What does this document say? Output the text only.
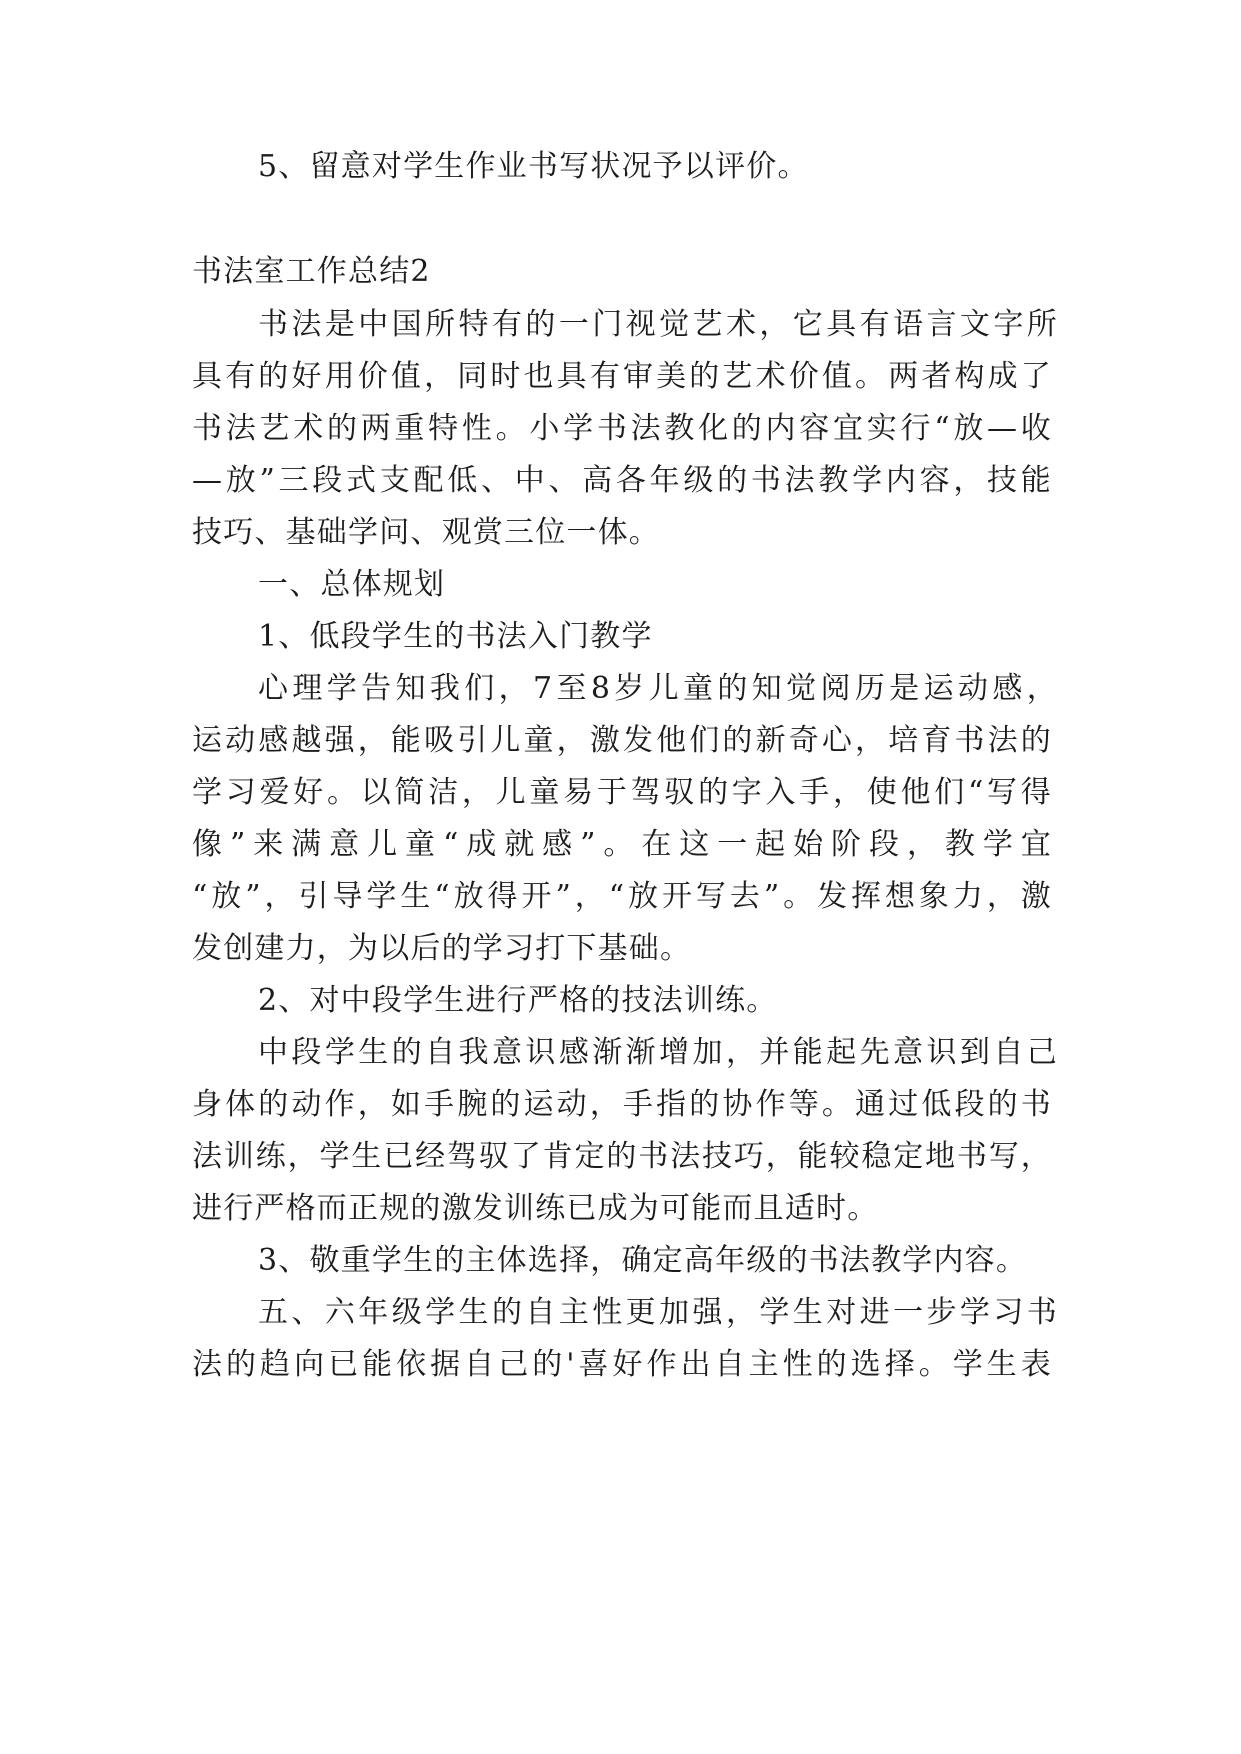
5、留意对学生作业书写状况予以评价。
书法室工作总结2
书法是中国所特有的一门视觉艺术，它具有语言文字所
具有的好用价值，同时也具有审美的艺术价值。两者构成了
书法艺术的两重特性。小学书法教化的内容宜实行“放—收
—放”三段式支配低、中、高各年级的书法教学内容，技能
技巧、基础学问、观赏三位一体。
一、总体规划
1、低段学生的书法入门教学
心理学告知我们，7至8岁儿童的知觉阅历是运动感，
运动感越强，能吸引儿童，激发他们的新奇心，培育书法的
学习爱好。以简洁，儿童易于驾驭的字入手，使他们“写得
像”来满意儿童“成就感”。在这一起始阶段，教学宜
“放”，引导学生“放得开”，“放开写去”。发挥想象力，激
发创建力，为以后的学习打下基础。
2、对中段学生进行严格的技法训练。
中段学生的自我意识感渐渐增加，并能起先意识到自己
身体的动作，如手腕的运动，手指的协作等。通过低段的书
法训练，学生已经驾驭了肯定的书法技巧，能较稳定地书写，
进行严格而正规的激发训练已成为可能而且适时。
3、敬重学生的主体选择，确定高年级的书法教学内容。
五、六年级学生的自主性更加强，学生对进一步学习书
法的趋向已能依据自己的'喜好作出自主性的选择。学生表
